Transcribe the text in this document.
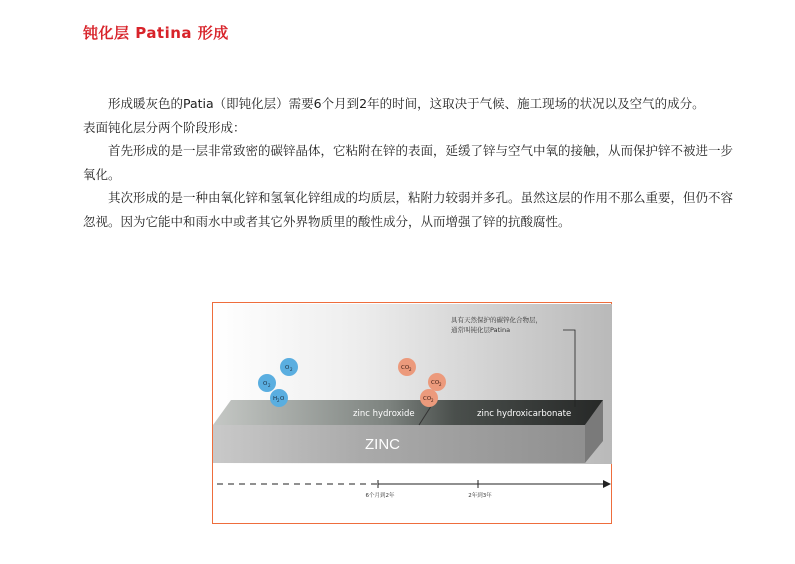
钝化层 Patina 形成
形成暖灰色的Patia（即钝化层）需要6个月到2年的时间，这取决于气候、施工现场的状况以及空气的成分。
表面钝化层分两个阶段形成：
首先形成的是一层非常致密的碳锌晶体，它粘附在锌的表面，延缓了锌与空气中氧的接触，从而保护锌不被进一步氧化。
其次形成的是一种由氧化锌和氢氧化锌组成的均质层，粘附力较弱并多孔。虽然这层的作用不那么重要，但仍不容忽视。因为它能中和雨水中或者其它外界物质里的酸性成分，从而增强了锌的抗酸腐性。
zinc hydroxide	zinc hydroxicarbonate
ZINC
具有天然保护的碳锌化合物层，
通常叫钝化层Patina
O 2
O 2
H 2 O
CO 2
CO 2
CO 2
6个月到2年	2年到3年
